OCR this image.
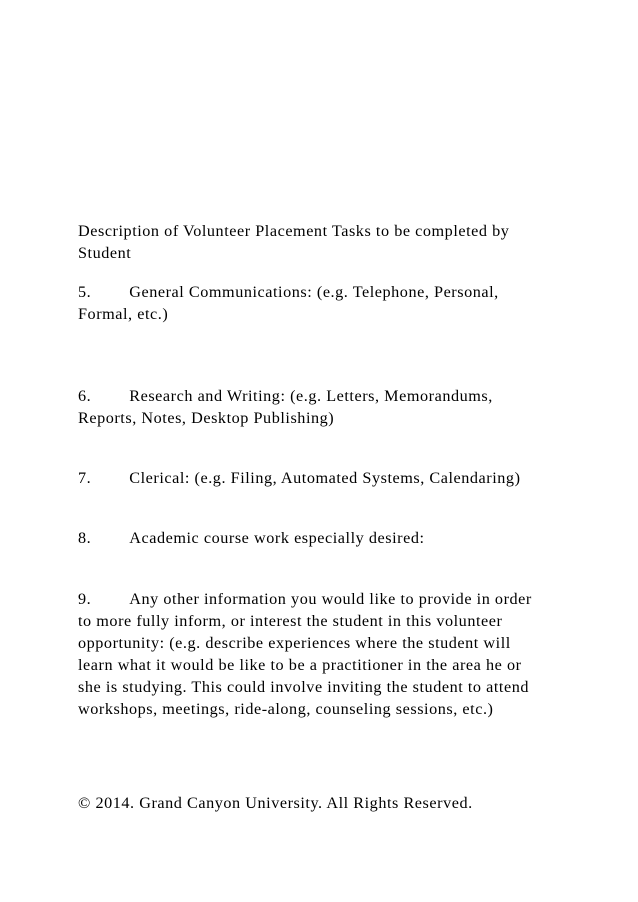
Description of Volunteer Placement Tasks to be completed by
Student
5. General Communications: (e.g. Telephone, Personal,
Formal, etc.)
6. Research and Writing: (e.g. Letters, Memorandums,
Reports, Notes, Desktop Publishing)
7. Clerical: (e.g. Filing, Automated Systems, Calendaring)
8. Academic course work especially desired:
9. Any other information you would like to provide in order
to more fully inform, or interest the student in this volunteer
opportunity: (e.g. describe experiences where the student will
learn what it would be like to be a practitioner in the area he or
she is studying. This could involve inviting the student to attend
workshops, meetings, ride-along, counseling sessions, etc.)
© 2014. Grand Canyon University. All Rights Reserved.
